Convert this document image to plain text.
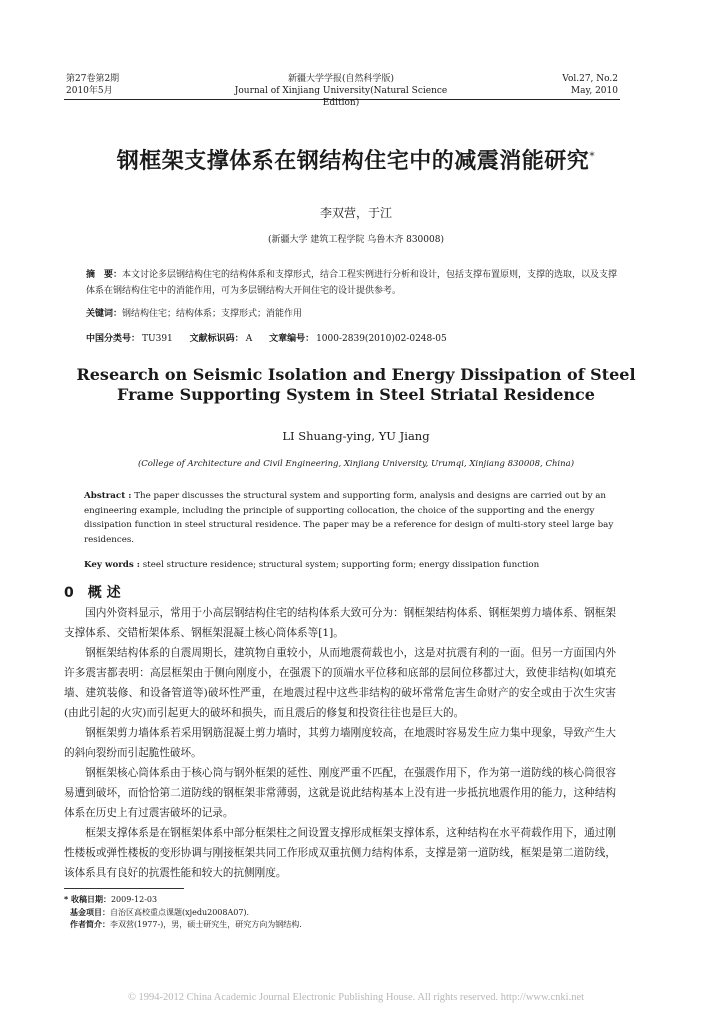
第27卷第2期
2010年5月
新疆大学学报(自然科学版)
Journal of Xinjiang University(Natural Science Edition)
Vol.27, No.2
May, 2010
钢框架支撑体系在钢结构住宅中的减震消能研究*
李双营，于江
(新疆大学 建筑工程学院 乌鲁木齐 830008)
摘　要：本文讨论多层钢结构住宅的结构体系和支撑形式，结合工程实例进行分析和设计，包括支撑布置原则，支撑的选取，以及支撑体系在钢结构住宅中的消能作用，可为多层钢结构大开间住宅的设计提供参考。
关键词：钢结构住宅；结构体系；支撑形式；消能作用
中国分类号： TU391 文献标识码： A 文章编号： 1000-2839(2010)02-0248-05
Research on Seismic Isolation and Energy Dissipation of Steel
Frame Supporting System in Steel Striatal Residence
LI Shuang-ying, YU Jiang
(College of Architecture and Civil Engineering, Xinjiang University, Urumqi, Xinjiang 830008, China)
Abstract : The paper discusses the structural system and supporting form, analysis and designs are carried out by an engineering example, including the principle of supporting collocation, the choice of the supporting and the energy dissipation function in steel structural residence. The paper may be a reference for design of multi-story steel large bay residences.
Key words : steel structure residence; structural system; supporting form; energy dissipation function
0 概 述

国内外资料显示，常用于小高层钢结构住宅的结构体系大致可分为：钢框架结构体系、钢框架剪力墙体系、钢框架支撑体系、交错桁架体系、钢框架混凝土核心筒体系等[1]。

钢框架结构体系的自震周期长，建筑物自重较小，从而地震荷载也小，这是对抗震有利的一面。但另一方面国内外许多震害都表明：高层框架由于侧向刚度小，在强震下的顶端水平位移和底部的层间位移都过大，致使非结构(如填充墙、建筑装修、和设备管道等)破坏性严重，在地震过程中这些非结构的破坏常常危害生命财产的安全或由于次生灾害(由此引起的火灾)而引起更大的破坏和损失，而且震后的修复和投资往往也是巨大的。

钢框架剪力墙体系若采用钢筋混凝土剪力墙时，其剪力墙刚度较高，在地震时容易发生应力集中现象，导致产生大的斜向裂纷而引起脆性破坏。

钢框架核心筒体系由于核心筒与钢外框架的延性、刚度严重不匹配，在强震作用下，作为第一道防线的核心筒很容易遭到破坏，而恰恰第二道防线的钢框架非常薄弱，这就是说此结构基本上没有进一步抵抗地震作用的能力，这种结构体系在历史上有过震害破坏的记录。

框架支撑体系是在钢框架体系中部分框架柱之间设置支撑形成框架支撑体系，这种结构在水平荷载作用下，通过刚性楼板或弹性楼板的变形协调与刚接框架共同工作形成双重抗侧力结构体系，支撑是第一道防线，框架是第二道防线，该体系具有良好的抗震性能和较大的抗侧刚度。

* 收稿日期：2009-12-03
基金项目：自治区高校重点课题(xjedu2008A07).
作者简介：李双营(1977-)，男，硕士研究生，研究方向为钢结构.
© 1994-2012 China Academic Journal Electronic Publishing House. All rights reserved. http://www.cnki.net
